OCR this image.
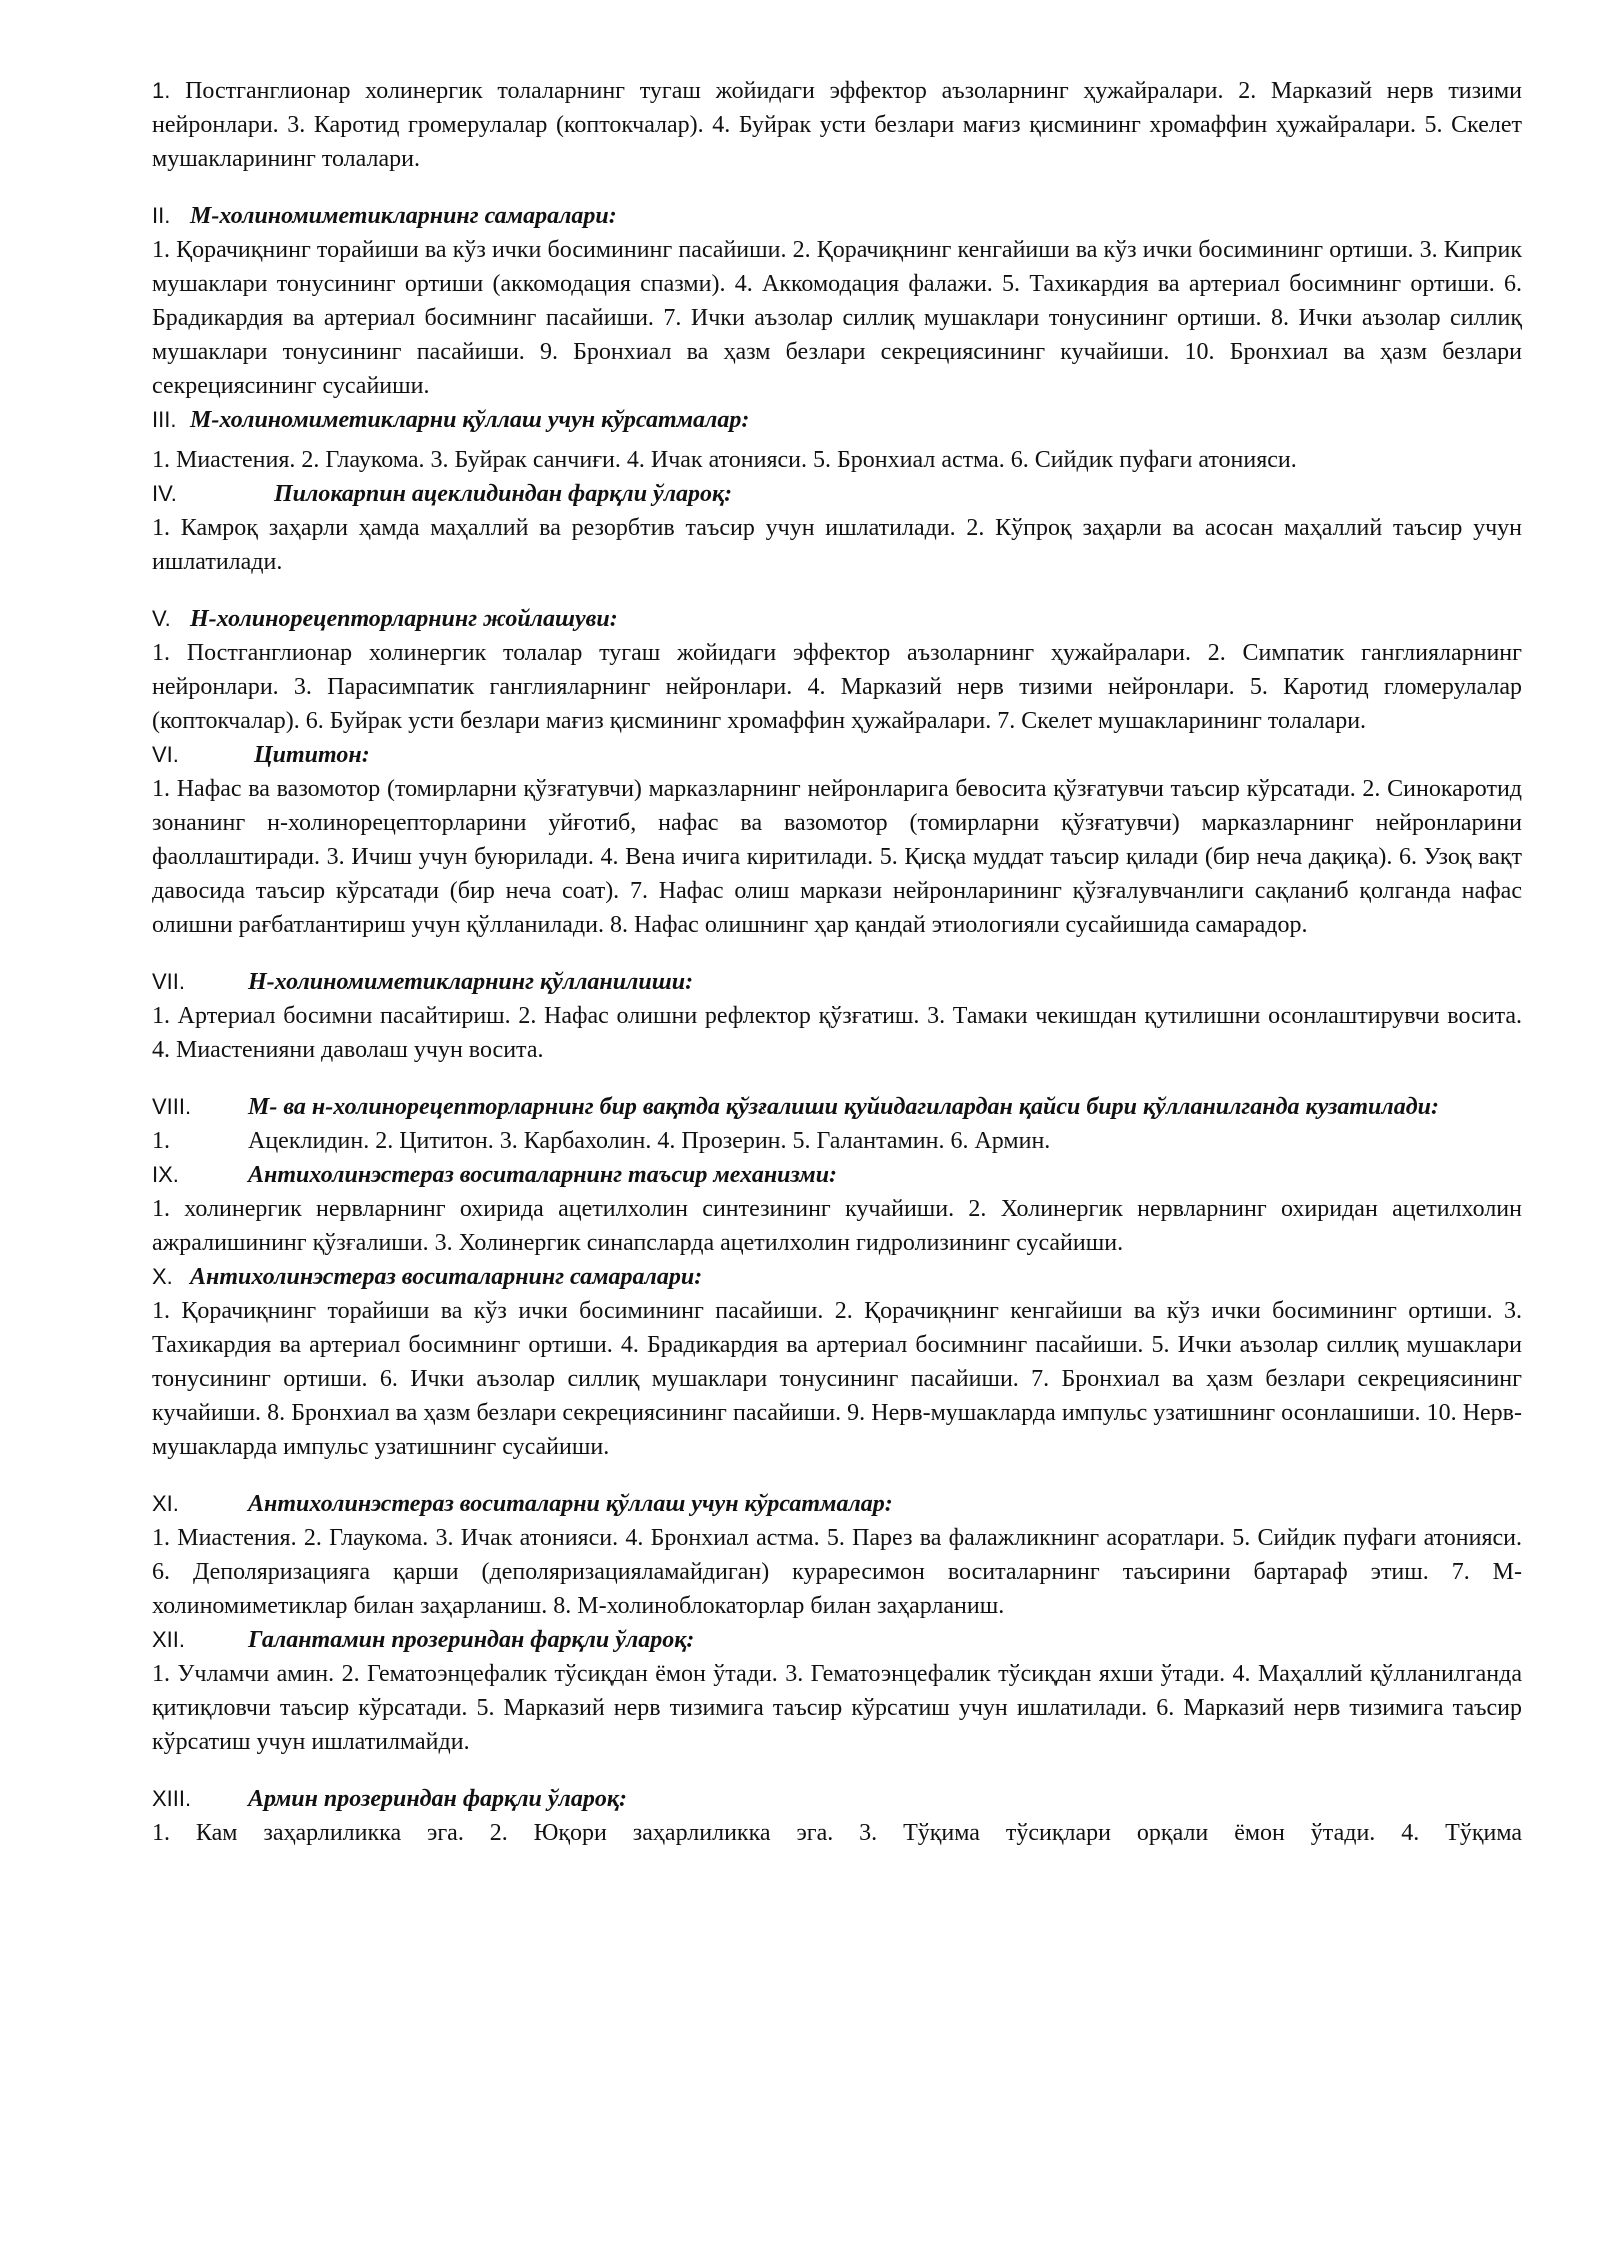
1. Постганглионар холинергик толаларнинг тугаш жойидаги эффектор аъзоларнинг ҳужайралари. 2. Марказий нерв тизими нейронлари. 3. Каротид громерулалар (коптокчалар). 4. Буйрак усти безлари мағиз қисмининг хромаффин ҳужайралари. 5. Скелет мушакларининг толалари.

II. М-холиномиметикларнинг самаралари:

1. Қорачиқнинг торайиши ва кўз ички босимининг пасайиши. 2. Қорачиқнинг кенгайиши ва кўз ички босимининг ортиши. 3. Киприк мушаклари тонусининг ортиши (аккомодация спазми). 4. Аккомодация фалажи. 5. Тахикардия ва артериал босимнинг ортиши. 6. Брадикардия ва артериал босимнинг пасайиши. 7. Ички аъзолар силлиқ мушаклари тонусининг ортиши. 8. Ички аъзолар силлиқ мушаклари тонусининг пасайиши. 9. Бронхиал ва ҳазм безлари секрециясининг кучайиши. 10. Бронхиал ва ҳазм безлари секрециясининг сусайиши.

III. М-холиномиметикларни қўллаш учун кўрсатмалар:

1. Миастения. 2. Глаукома. 3. Буйрак санчиғи. 4. Ичак атонияси. 5. Бронхиал астма. 6. Сийдик пуфаги атонияси.

IV.	Пилокарпин ацеклидиндан фарқли ўлароқ:

1. Камроқ заҳарли ҳамда маҳаллий ва резорбтив таъсир учун ишлатилади. 2. Кўпроқ заҳарли ва асосан маҳаллий таъсир учун ишлатилади.

V. Н-холинорецепторларнинг жойлашуви:

1. Постганглионар холинергик толалар тугаш жойидаги эффектор аъзоларнинг ҳужайралари. 2. Симпатик ганглияларнинг нейронлари. 3. Парасимпатик ганглияларнинг нейронлари. 4. Марказий нерв тизими нейронлари. 5. Каротид гломерулалар (коптокчалар). 6. Буйрак усти безлари мағиз қисмининг хромаффин ҳужайралари. 7. Скелет мушакларининг толалари.

VI.	Цититон:

1. Нафас ва вазомотор (томирларни қўзғатувчи) марказларнинг нейронларига бевосита қўзғатувчи таъсир кўрсатади. 2. Синокаротид зонанинг н-холинорецепторларини уйғотиб, нафас ва вазомотор (томирларни қўзғатувчи) марказларнинг нейронларини фаоллаштиради. 3. Ичиш учун буюрилади. 4. Вена ичига киритилади. 5. Қисқа муддат таъсир қилади (бир неча дақиқа). 6. Узоқ вақт давосида таъсир кўрсатади (бир неча соат). 7. Нафас олиш маркази нейронларининг қўзғалувчанлиги сақланиб қолганда нафас олишни рағбатлантириш учун қўлланилади. 8. Нафас олишнинг ҳар қандай этиологияли сусайишида самарадор.

VII.	Н-холиномиметикларнинг қўлланилиши:

1. Артериал босимни пасайтириш. 2. Нафас олишни рефлектор қўзғатиш. 3. Тамаки чекишдан қутилишни осонлаштирувчи восита. 4. Миастенияни даволаш учун восита.

VIII. М- ва н-холинорецепторларнинг бир вақтда қўзғалиши қуйидагилардан қайси бири қўлланилганда кузатилади:

1.	Ацеклидин. 2. Цититон. 3. Карбахолин. 4. Прозерин. 5. Галантамин. 6. Армин.
IX.	Антихолинэстераз воситаларнинг таъсир механизми:

1. холинергик нервларнинг охирида ацетилхолин синтезининг кучайиши. 2. Холинергик нервларнинг охиридан ацетилхолин ажралишининг қўзғалиши. 3. Холинергик синапсларда ацетилхолин гидролизининг сусайиши.

X. Антихолинэстераз воситаларнинг самаралари:

1. Қорачиқнинг торайиши ва кўз ички босимининг пасайиши. 2. Қорачиқнинг кенгайиши ва кўз ички босимининг ортиши. 3. Тахикардия ва артериал босимнинг ортиши. 4. Брадикардия ва артериал босимнинг пасайиши. 5. Ички аъзолар силлиқ мушаклари тонусининг ортиши. 6. Ички аъзолар силлиқ мушаклари тонусининг пасайиши. 7. Бронхиал ва ҳазм безлари секрециясининг кучайиши. 8. Бронхиал ва ҳазм безлари секрециясининг пасайиши. 9. Нерв-мушакларда импульс узатишнинг осонлашиши. 10. Нерв-мушакларда импульс узатишнинг сусайиши.

XI.	Антихолинэстераз воситаларни қўллаш учун кўрсатмалар:

1. Миастения. 2. Глаукома. 3. Ичак атонияси. 4. Бронхиал астма. 5. Парез ва фалажликнинг асоратлари. 5. Сийдик пуфаги атонияси. 6. Деполяризацияга қарши (деполяризацияламайдиган) кураресимон воситаларнинг таъсирини бартараф этиш. 7. М-холиномиметиклар билан заҳарланиш. 8. М-холиноблокаторлар билан заҳарланиш.

XII.	Галантамин прозериндан фарқли ўлароқ:

1. Учламчи амин. 2. Гематоэнцефалик тўсиқдан ёмон ўтади. 3. Гематоэнцефалик тўсиқдан яхши ўтади. 4. Маҳаллий қўлланилганда қитиқловчи таъсир кўрсатади. 5. Марказий нерв тизимига таъсир кўрсатиш учун ишлатилади. 6. Марказий нерв тизимига таъсир кўрсатиш учун ишлатилмайди.

XIII.	Армин прозериндан фарқли ўлароқ:

1. Кам заҳарлиликка эга. 2. Юқори заҳарлиликка эга. 3. Тўқима тўсиқлари орқали ёмон ўтади. 4. Тўқима
